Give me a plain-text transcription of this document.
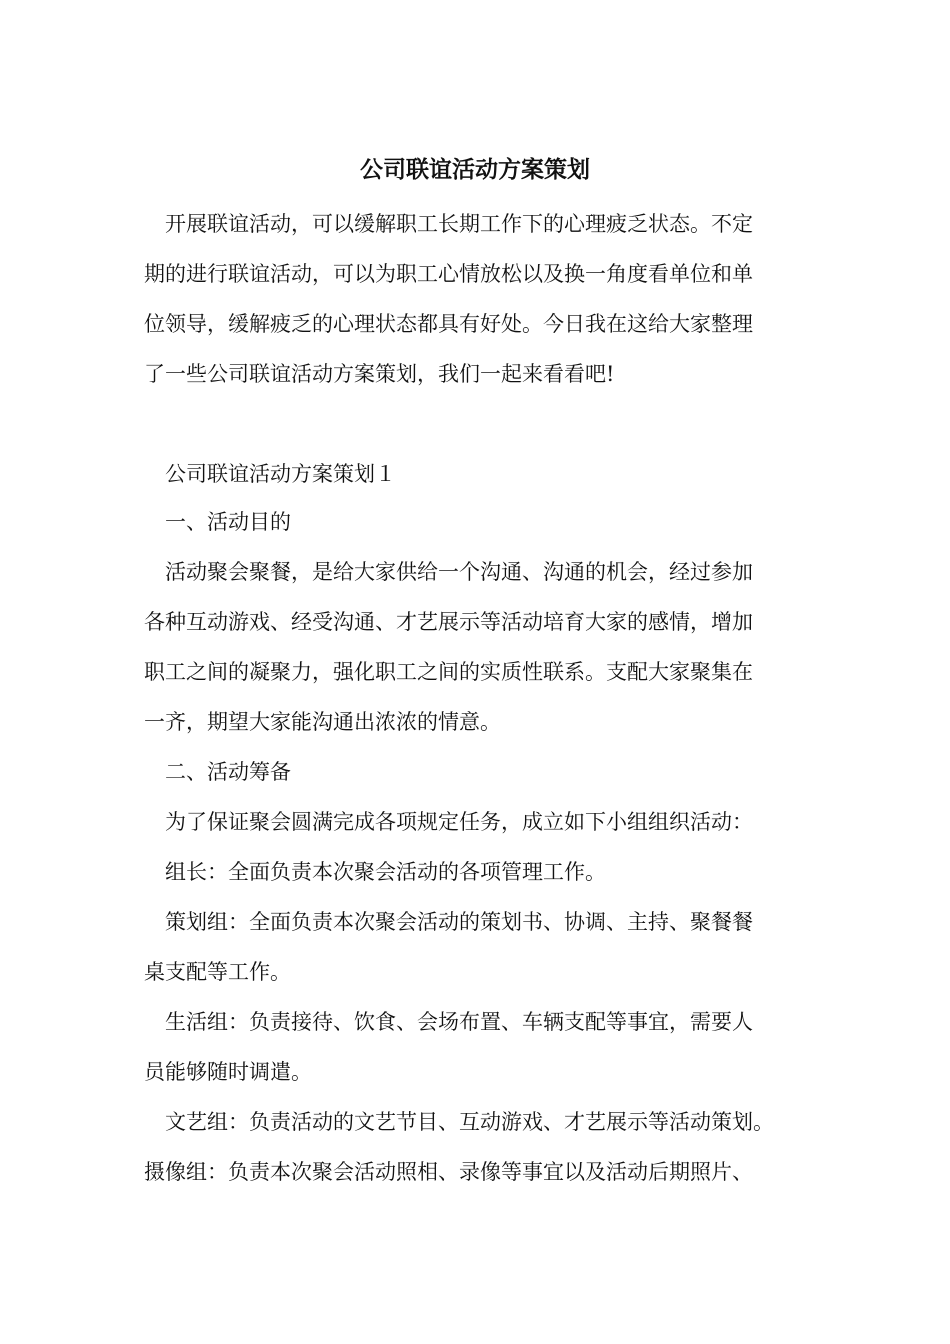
公司联谊活动方案策划
开展联谊活动，可以缓解职工长期工作下的心理疲乏状态。不定
期的进行联谊活动，可以为职工心情放松以及换一角度看单位和单
位领导，缓解疲乏的心理状态都具有好处。今日我在这给大家整理
了一些公司联谊活动方案策划，我们一起来看看吧!
公司联谊活动方案策划１
一、活动目的
活动聚会聚餐，是给大家供给一个沟通、沟通的机会，经过参加
各种互动游戏、经受沟通、才艺展示等活动培育大家的感情，增加
职工之间的凝聚力，强化职工之间的实质性联系。支配大家聚集在
一齐，期望大家能沟通出浓浓的情意。
二、活动筹备
为了保证聚会圆满完成各项规定任务，成立如下小组组织活动：
组长：全面负责本次聚会活动的各项管理工作。
策划组：全面负责本次聚会活动的策划书、协调、主持、聚餐餐
桌支配等工作。
生活组：负责接待、饮食、会场布置、车辆支配等事宜，需要人
员能够随时调遣。
文艺组：负责活动的文艺节目、互动游戏、才艺展示等活动策划。
摄像组：负责本次聚会活动照相、录像等事宜以及活动后期照片、
